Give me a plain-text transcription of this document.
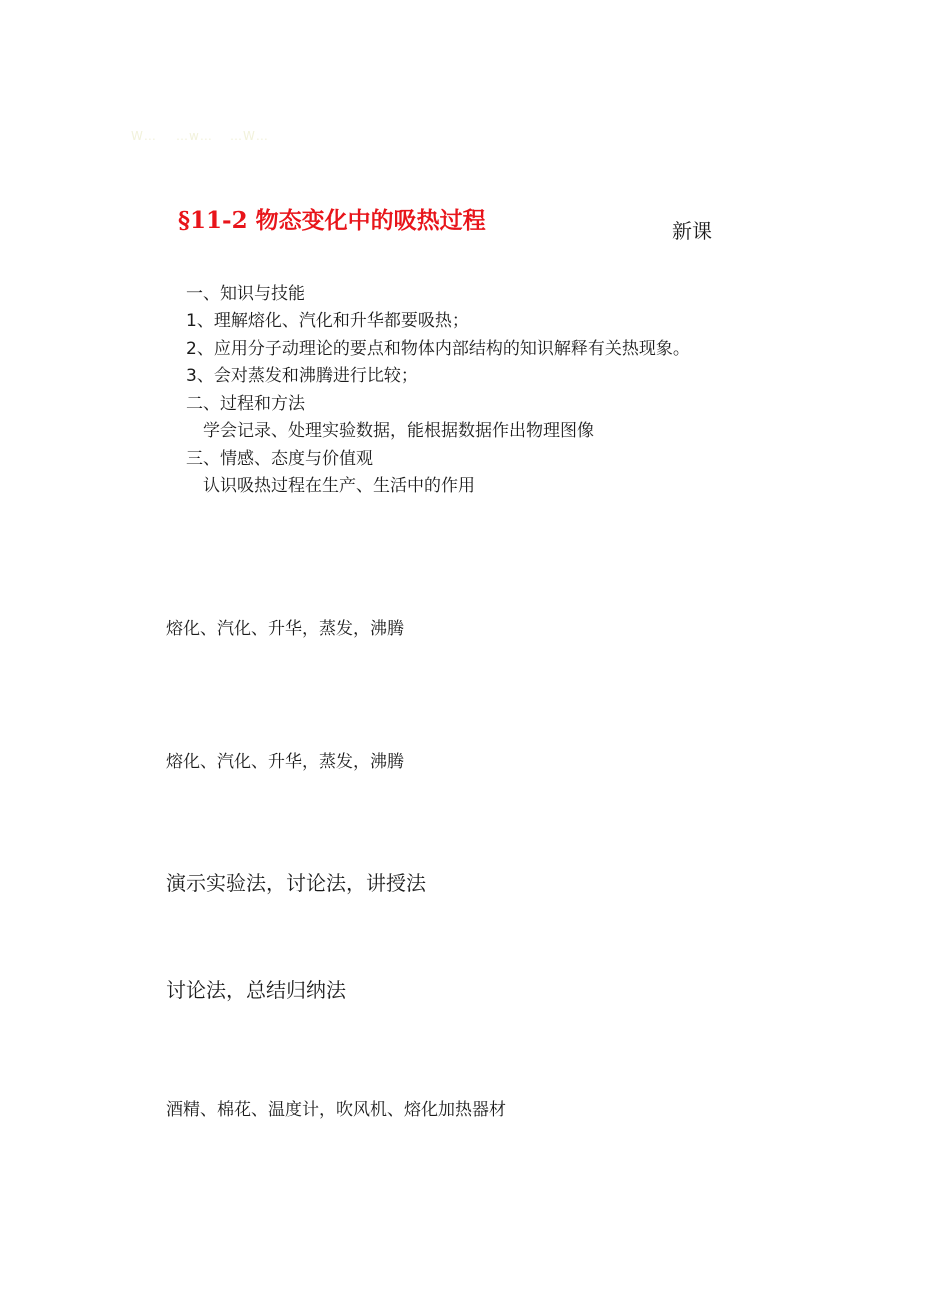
W… …w… …W…
§11-2 物态变化中的吸热过程	新课
一、知识与技能
1、理解熔化、汽化和升华都要吸热；
2、应用分子动理论的要点和物体内部结构的知识解释有关热现象。
3、会对蒸发和沸腾进行比较；
二、过程和方法
学会记录、处理实验数据，能根据数据作出物理图像
三、情感、态度与价值观
认识吸热过程在生产、生活中的作用
熔化、汽化、升华，蒸发，沸腾
熔化、汽化、升华，蒸发，沸腾
演示实验法，讨论法，讲授法
讨论法，总结归纳法
酒精、棉花、温度计，吹风机、熔化加热器材
